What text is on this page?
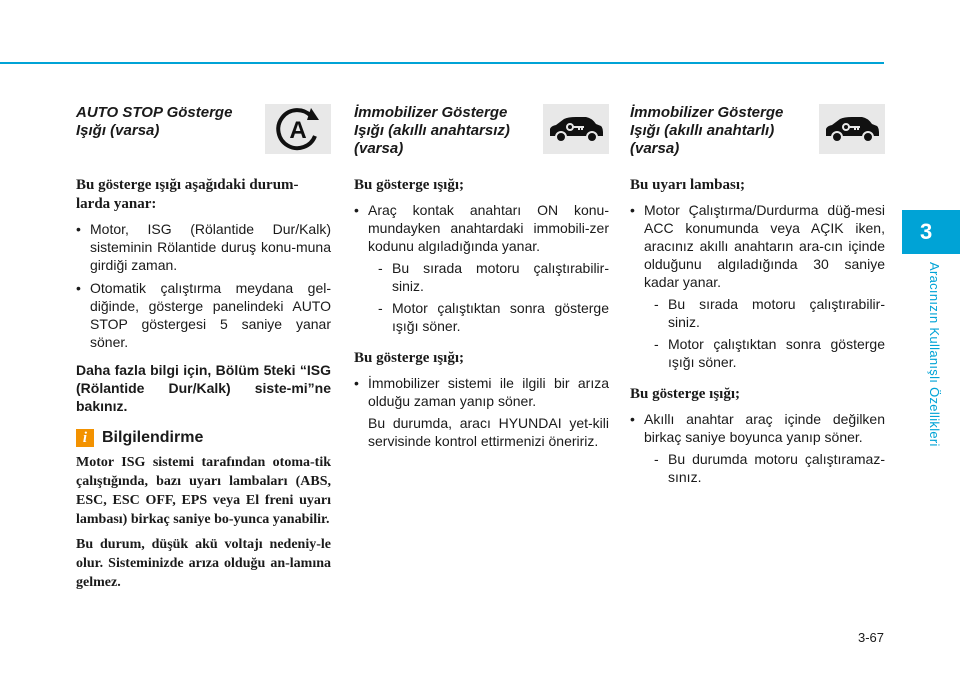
3
Aracınızın Kullanışlı Özellikleri
AUTO STOP Gösterge Işığı (varsa)	A
Bu gösterge ışığı aşağıdaki durum-larda yanar:
• Motor, ISG (Rölantide Dur/Kalk) sisteminin Rölantide duruş konu-muna girdiği zaman.
• Otomatik çalıştırma meydana gel-diğinde, gösterge panelindeki AUTO STOP göstergesi 5 saniye yanar söner.
Daha fazla bilgi için, Bölüm 5teki “ISG (Rölantide Dur/Kalk) siste-mi”ne bakınız.
i Bilgilendirme
Motor ISG sistemi tarafından otoma-tik çalıştığında, bazı uyarı lambaları (ABS, ESC, ESC OFF, EPS veya El freni uyarı lambası) birkaç saniye bo-yunca yanabilir.
Bu durum, düşük akü voltajı nedeniy-le olur. Sisteminizde arıza olduğu an-lamına gelmez.
İmmobilizer Gösterge Işığı (akıllı anahtarsız) (varsa)
Bu gösterge ışığı;
• Araç kontak anahtarı ON konu-mundayken anahtardaki immobili-zer kodunu algıladığında yanar.
- Bu sırada motoru çalıştırabilir-siniz.
- Motor çalıştıktan sonra gösterge ışığı söner.
Bu gösterge ışığı;
• İmmobilizer sistemi ile ilgili bir arıza olduğu zaman yanıp söner.
Bu durumda, aracı HYUNDAI yet-kili servisinde kontrol ettirmenizi öneririz.
İmmobilizer Gösterge Işığı (akıllı anahtarlı) (varsa)
Bu uyarı lambası;
• Motor Çalıştırma/Durdurma düğ-mesi ACC konumunda veya AÇIK iken, aracınız akıllı anahtarın ara-cın içinde olduğunu algıladığında 30 saniye kadar yanar.
- Bu sırada motoru çalıştırabilir-siniz.
- Motor çalıştıktan sonra gösterge ışığı söner.
Bu gösterge ışığı;
• Akıllı anahtar araç içinde değilken birkaç saniye boyunca yanıp söner.
- Bu durumda motoru çalıştıramaz-sınız.
3-67
